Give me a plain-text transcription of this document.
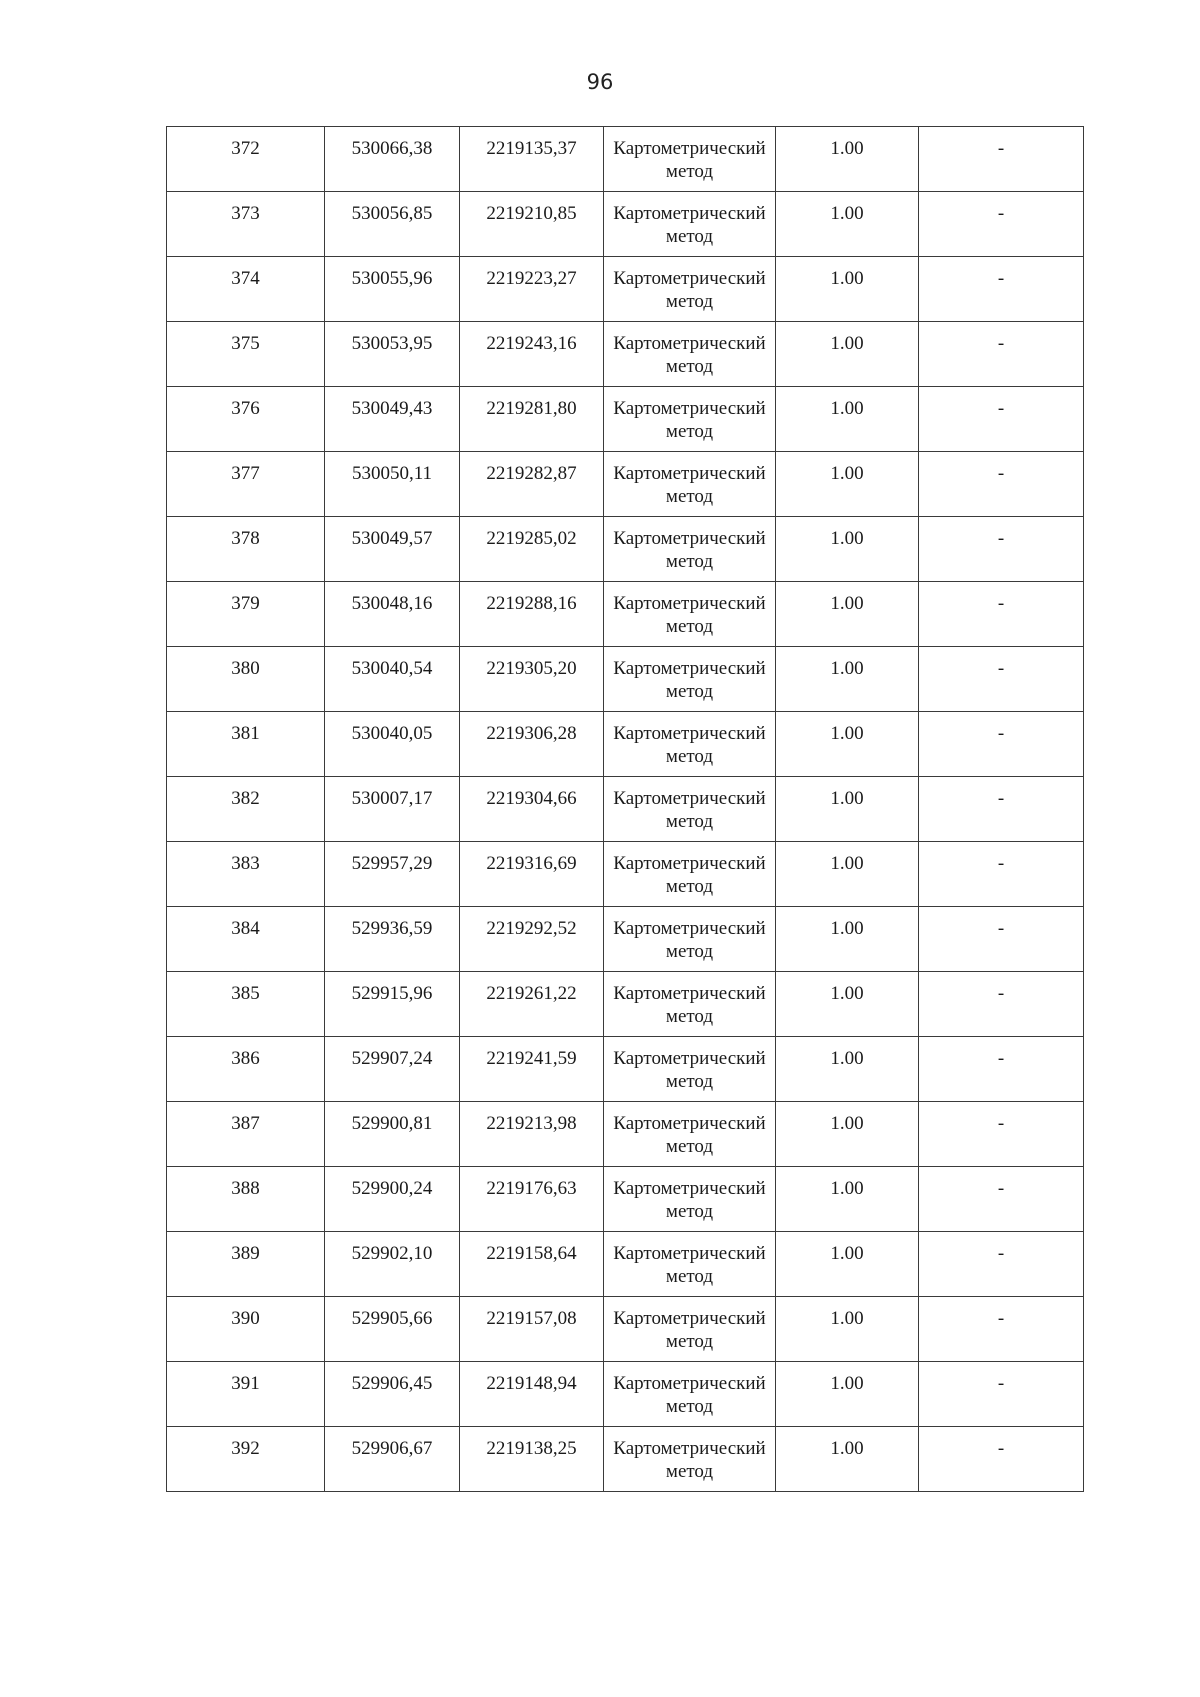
96
372	530066,38	2219135,37	Картометрический метод	1.00	-
373	530056,85	2219210,85	Картометрический метод	1.00	-
374	530055,96	2219223,27	Картометрический метод	1.00	-
375	530053,95	2219243,16	Картометрический метод	1.00	-
376	530049,43	2219281,80	Картометрический метод	1.00	-
377	530050,11	2219282,87	Картометрический метод	1.00	-
378	530049,57	2219285,02	Картометрический метод	1.00	-
379	530048,16	2219288,16	Картометрический метод	1.00	-
380	530040,54	2219305,20	Картометрический метод	1.00	-
381	530040,05	2219306,28	Картометрический метод	1.00	-
382	530007,17	2219304,66	Картометрический метод	1.00	-
383	529957,29	2219316,69	Картометрический метод	1.00	-
384	529936,59	2219292,52	Картометрический метод	1.00	-
385	529915,96	2219261,22	Картометрический метод	1.00	-
386	529907,24	2219241,59	Картометрический метод	1.00	-
387	529900,81	2219213,98	Картометрический метод	1.00	-
388	529900,24	2219176,63	Картометрический метод	1.00	-
389	529902,10	2219158,64	Картометрический метод	1.00	-
390	529905,66	2219157,08	Картометрический метод	1.00	-
391	529906,45	2219148,94	Картометрический метод	1.00	-
392	529906,67	2219138,25	Картометрический метод	1.00	-
